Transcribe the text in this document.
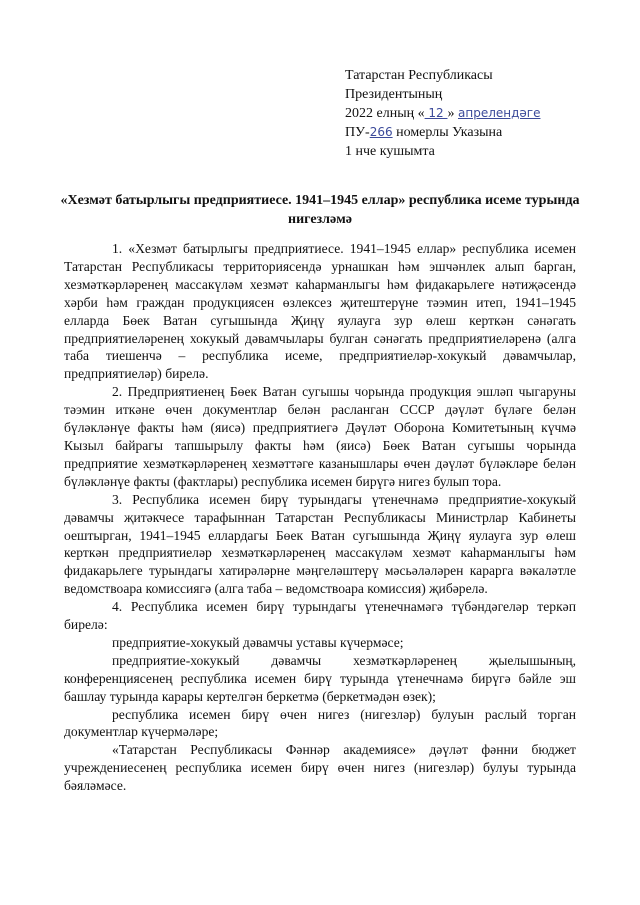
Татарстан Республикасы
Президентының
2022 елның « 12 » апрелендәге
ПУ-266 номерлы Указына
1 нче кушымта
«Хезмәт батырлыгы предприятиесе. 1941–1945 еллар» республика исеме турында нигезләмә

1. «Хезмәт батырлыгы предприятиесе. 1941–1945 еллар» республика исемен Татарстан Республикасы территориясендә урнашкан һәм эшчәнлек алып барган, хезмәткәрләренең массакүләм хезмәт каһарманлыгы һәм фидакарьлеге нәтиҗәсендә хәрби һәм граждан продукциясен өзлексез җитештерүне тәэмин итеп, 1941–1945 елларда Бөек Ватан сугышында Җиңү яулауга зур өлеш керткән сәнәгать предприятиеләренең хокукый дәвамчылары булган сәнәгать предприятиеләренә (алга таба тиешенчә – республика исеме, предприятиеләр-хокукый дәвамчылар, предприятиеләр) бирелә.

2. Предприятиенең Бөек Ватан сугышы чорында продукция эшләп чыгаруны тәэмин иткәне өчен документлар белән расланган СССР дәүләт бүләге белән бүләкләнүе факты һәм (яисә) предприятиегә Дәүләт Оборона Комитетының күчмә Кызыл байрагы тапшырылу факты һәм (яисә) Бөек Ватан сугышы чорында предприятие хезмәткәрләренең хезмәттәге казанышлары өчен дәүләт бүләкләре белән бүләкләнүе факты (фактлары) республика исемен бирүгә нигез булып тора.

3. Республика исемен бирү турындагы үтенечнамә предприятие-хокукый дәвамчы җитәкчесе тарафыннан Татарстан Республикасы Министрлар Кабинеты оештырган, 1941–1945 еллардагы Бөек Ватан сугышында Җиңү яулауга зур өлеш керткән предприятиеләр хезмәткәрләренең массакүләм хезмәт каһарманлыгы һәм фидакарьлеге турындагы хатирәләрне мәңгеләштерү мәсьәләләрен карарга вәкаләтле ведомствоара комиссиягә (алга таба – ведомствоара комиссия) җибәрелә.

4. Республика исемен бирү турындагы үтенечнамәгә түбәндәгеләр теркәп бирелә:

предприятие-хокукый дәвамчы уставы күчермәсе;

предприятие-хокукый дәвамчы хезмәткәрләренең җыелышының, конференциясенең республика исемен бирү турында үтенечнамә бирүгә бәйле эш башлау турында карары кертелгән беркетмә (беркетмәдән өзек);

республика исемен бирү өчен нигез (нигезләр) булуын раслый торган документлар күчермәләре;

«Татарстан Республикасы Фәннәр академиясе» дәүләт фәнни бюджет учреждениесенең республика исемен бирү өчен нигез (нигезләр) булуы турында бәяләмәсе.
